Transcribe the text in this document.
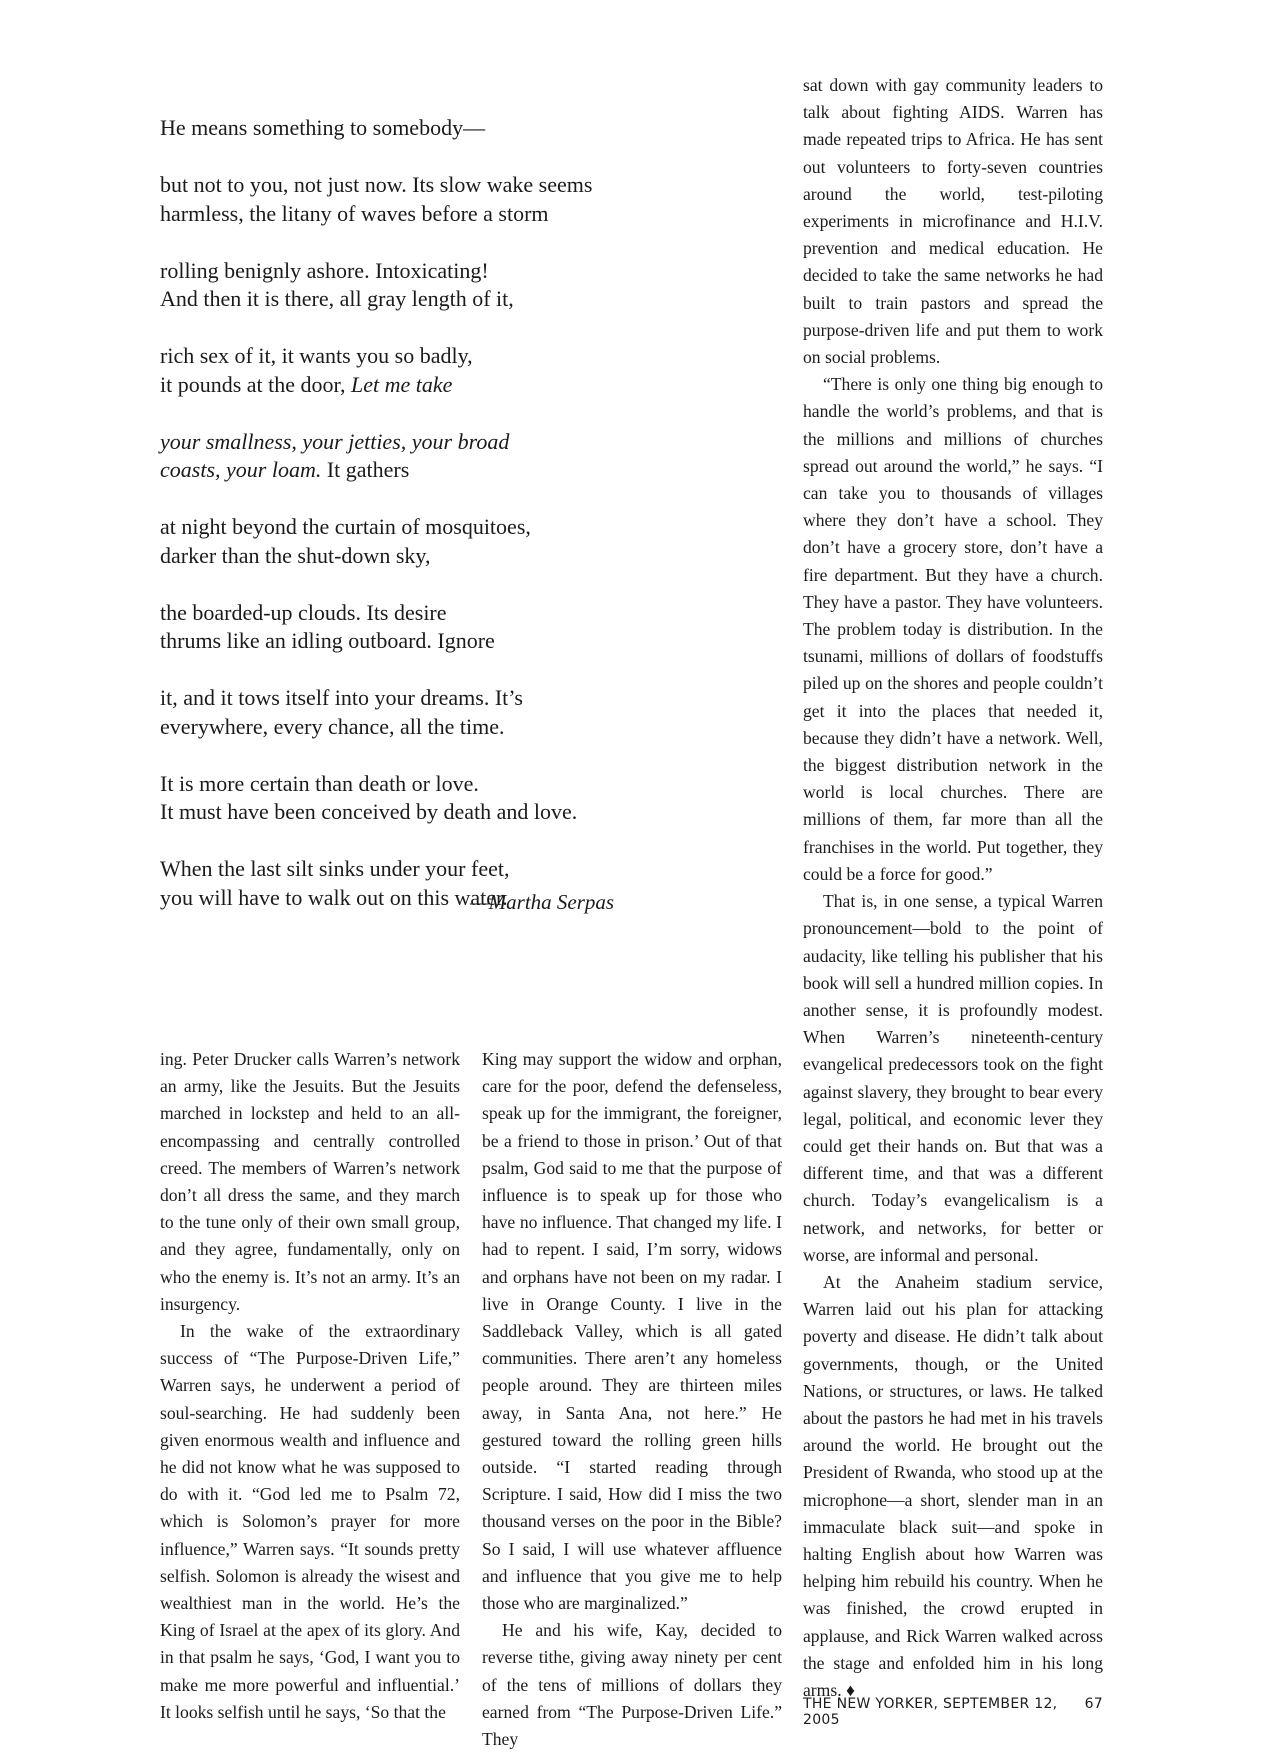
He means something to somebody—

but not to you, not just now. Its slow wake seems

harmless, the litany of waves before a storm

rolling benignly ashore. Intoxicating!

And then it is there, all gray length of it,

rich sex of it, it wants you so badly,

it pounds at the door, Let me take

your smallness, your jetties, your broad

coasts, your loam. It gathers

at night beyond the curtain of mosquitoes,

darker than the shut-down sky,

the boarded-up clouds. Its desire

thrums like an idling outboard. Ignore

it, and it tows itself into your dreams. It’s

everywhere, every chance, all the time.

It is more certain than death or love.

It must have been conceived by death and love.

When the last silt sinks under your feet,

you will have to walk out on this water.

—Martha Serpas

ing. Peter Drucker calls Warren’s network an army, like the Jesuits. But the Jesuits marched in lockstep and held to an all-encompassing and centrally controlled creed. The members of Warren’s network don’t all dress the same, and they march to the tune only of their own small group, and they agree, fundamentally, only on who the enemy is. It’s not an army. It’s an insurgency.

In the wake of the extraordinary success of “The Purpose-Driven Life,” Warren says, he underwent a period of soul-searching. He had suddenly been given enormous wealth and influence and he did not know what he was supposed to do with it. “God led me to Psalm 72, which is Solomon’s prayer for more influence,” Warren says. “It sounds pretty selfish. Solomon is already the wisest and wealthiest man in the world. He’s the King of Israel at the apex of its glory. And in that psalm he says, ‘God, I want you to make me more powerful and influential.’ It looks selfish until he says, ‘So that the

King may support the widow and orphan, care for the poor, defend the defenseless, speak up for the immigrant, the foreigner, be a friend to those in prison.’ Out of that psalm, God said to me that the purpose of influence is to speak up for those who have no influence. That changed my life. I had to repent. I said, I’m sorry, widows and orphans have not been on my radar. I live in Orange County. I live in the Saddleback Valley, which is all gated communities. There aren’t any homeless people around. They are thirteen miles away, in Santa Ana, not here.” He gestured toward the rolling green hills outside. “I started reading through Scripture. I said, How did I miss the two thousand verses on the poor in the Bible? So I said, I will use whatever affluence and influence that you give me to help those who are marginalized.”

He and his wife, Kay, decided to reverse tithe, giving away ninety per cent of the tens of millions of dollars they earned from “The Purpose-Driven Life.” They

sat down with gay community leaders to talk about fighting AIDS. Warren has made repeated trips to Africa. He has sent out volunteers to forty-seven countries around the world, test-piloting experiments in microfinance and H.I.V. prevention and medical education. He decided to take the same networks he had built to train pastors and spread the purpose-driven life and put them to work on social problems.

“There is only one thing big enough to handle the world’s problems, and that is the millions and millions of churches spread out around the world,” he says. “I can take you to thousands of villages where they don’t have a school. They don’t have a grocery store, don’t have a fire department. But they have a church. They have a pastor. They have volunteers. The problem today is distribution. In the tsunami, millions of dollars of foodstuffs piled up on the shores and people couldn’t get it into the places that needed it, because they didn’t have a network. Well, the biggest distribution network in the world is local churches. There are millions of them, far more than all the franchises in the world. Put together, they could be a force for good.”

That is, in one sense, a typical Warren pronouncement—bold to the point of audacity, like telling his publisher that his book will sell a hundred million copies. In another sense, it is profoundly modest. When Warren’s nineteenth-century evangelical predecessors took on the fight against slavery, they brought to bear every legal, political, and economic lever they could get their hands on. But that was a different time, and that was a different church. Today’s evangelicalism is a network, and networks, for better or worse, are informal and personal.

At the Anaheim stadium service, Warren laid out his plan for attacking poverty and disease. He didn’t talk about governments, though, or the United Nations, or structures, or laws. He talked about the pastors he had met in his travels around the world. He brought out the President of Rwanda, who stood up at the microphone—a short, slender man in an immaculate black suit—and spoke in halting English about how Warren was helping him rebuild his country. When he was finished, the crowd erupted in applause, and Rick Warren walked across the stage and enfolded him in his long arms. ♦

THE NEW YORKER, SEPTEMBER 12, 2005
67
